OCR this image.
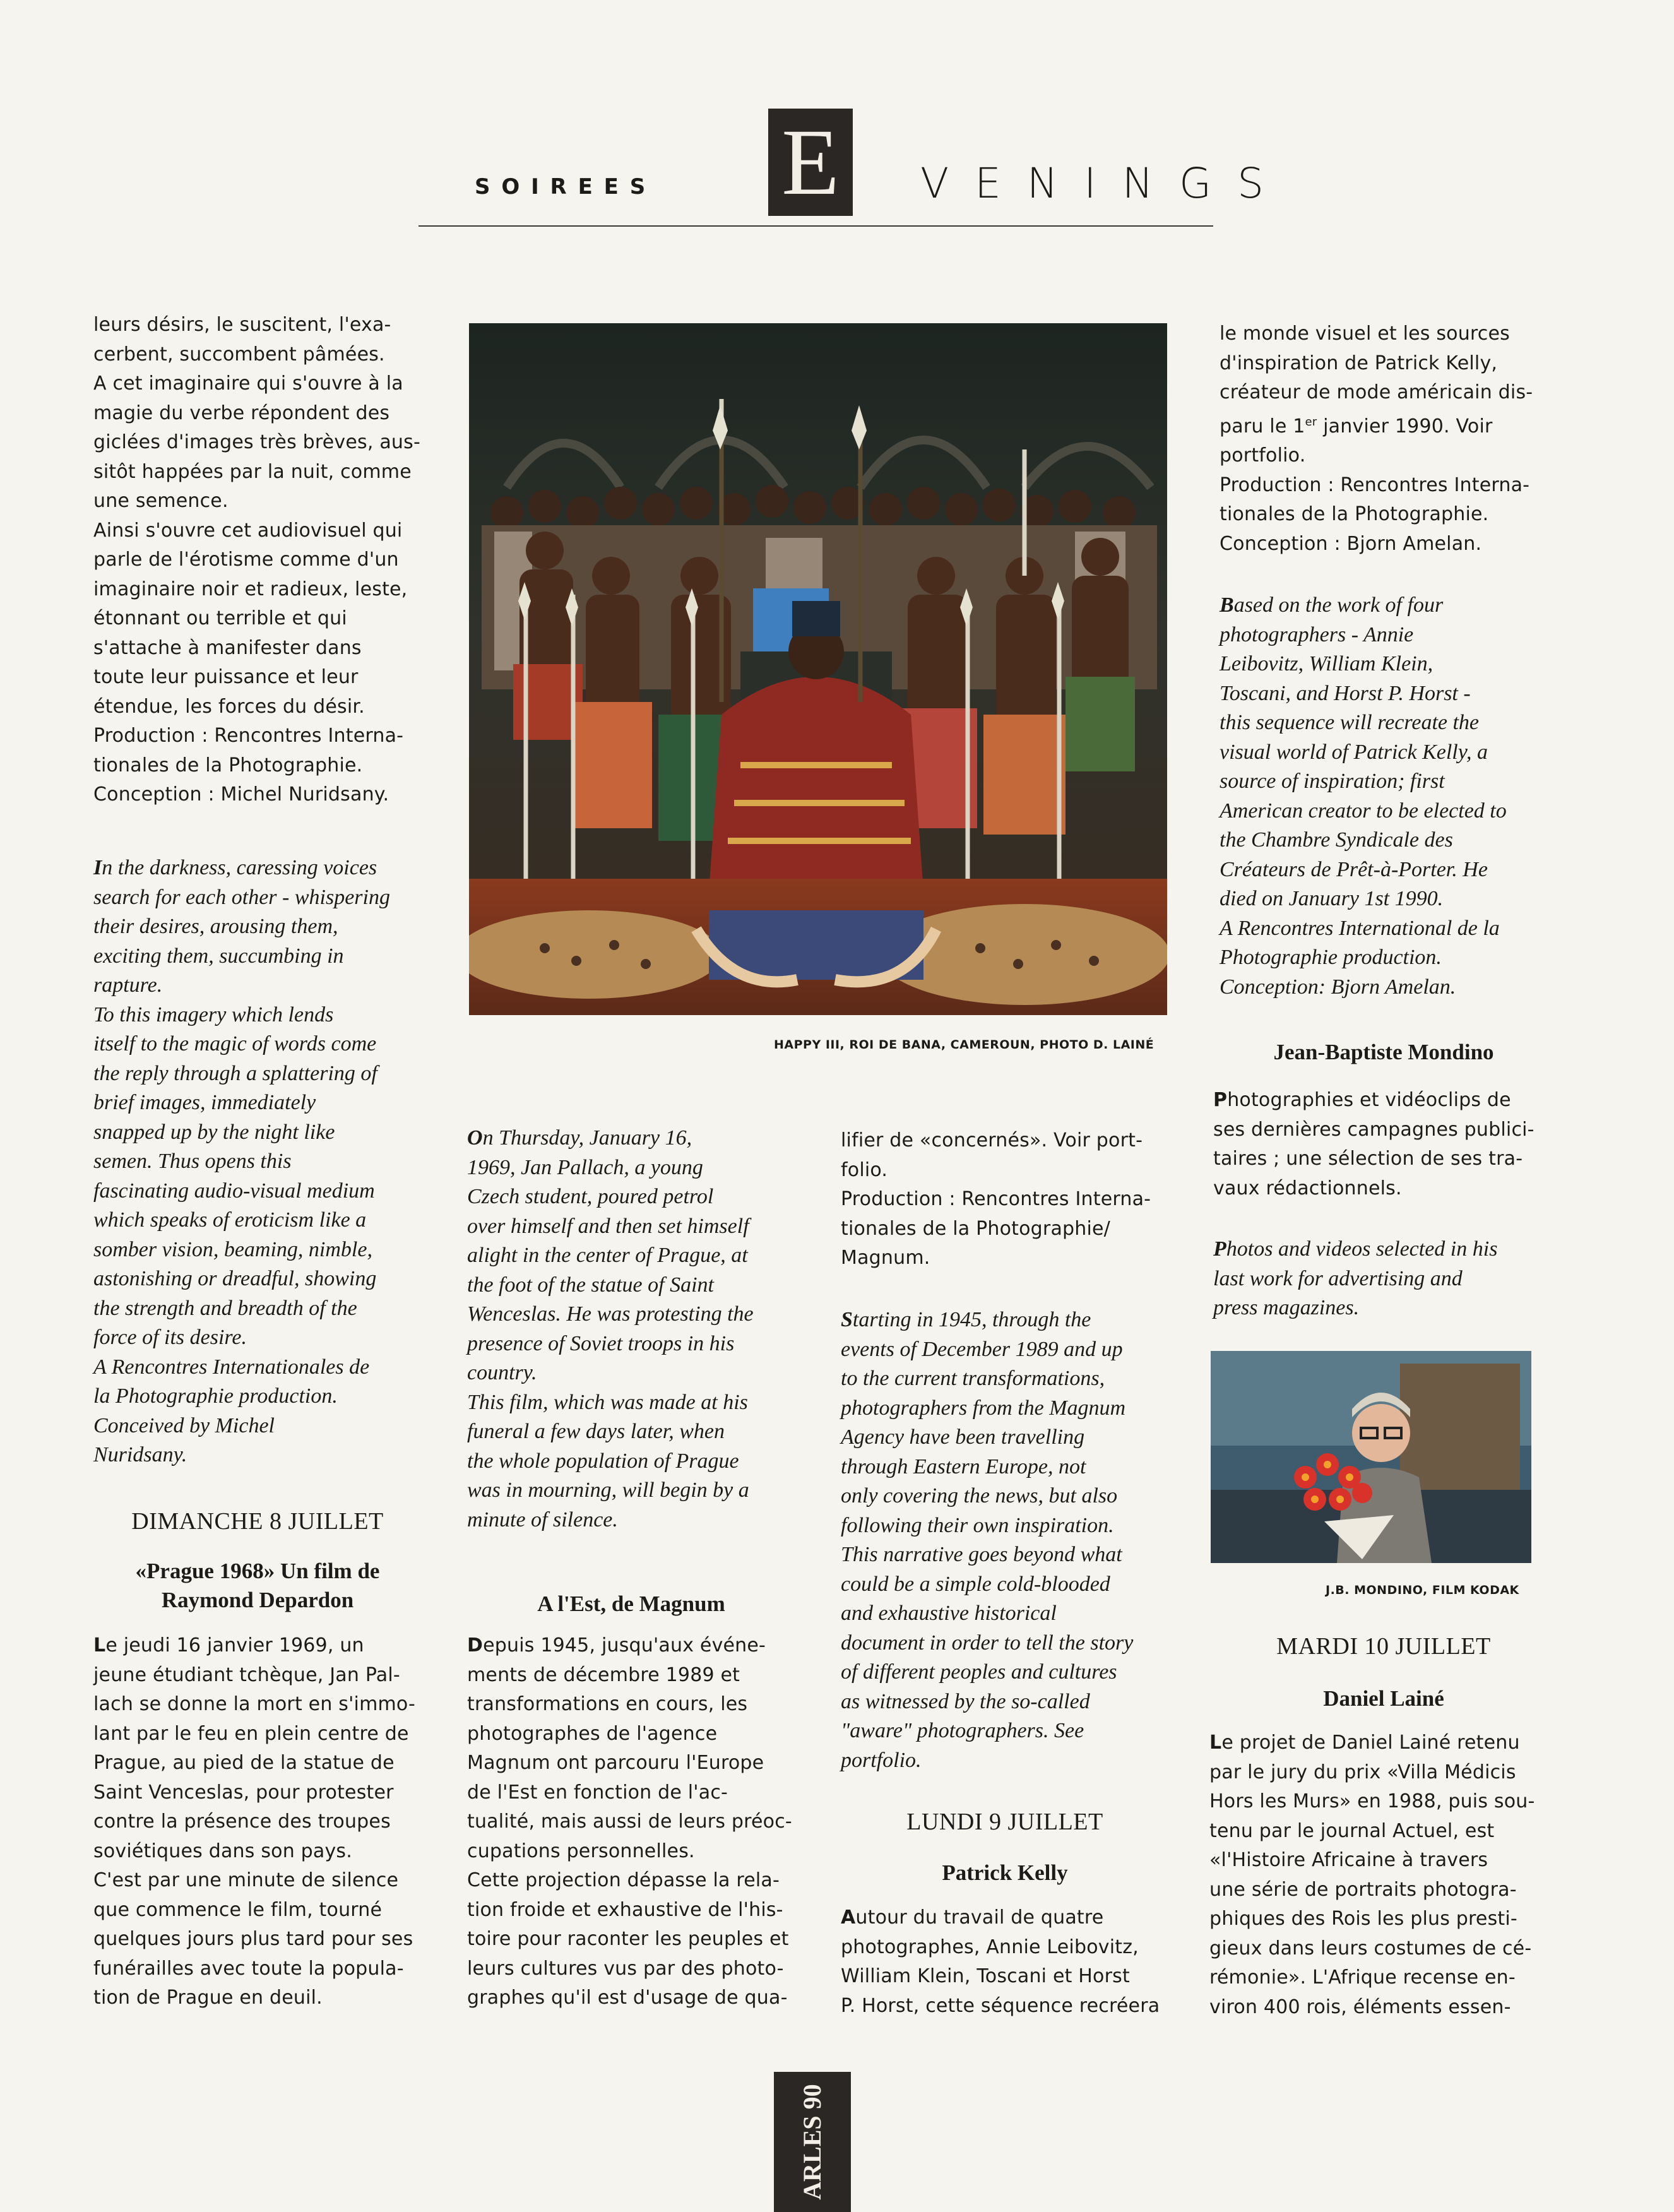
S O I R E E S E	V E N I N G S

leurs désirs, le suscitent, l'exa-
cerbent, succombent pâmées.
A cet imaginaire qui s'ouvre à la
magie du verbe répondent des
giclées d'images très brèves, aus-
sitôt happées par la nuit, comme
une semence.
Ainsi s'ouvre cet audiovisuel qui
parle de l'érotisme comme d'un
imaginaire noir et radieux, leste,
étonnant ou terrible et qui
s'attache à manifester dans
toute leur puissance et leur
étendue, les forces du désir.
Production : Rencontres Interna-
tionales de la Photographie.
Conception : Michel Nuridsany.

In the darkness, caressing voices
search for each other - whispering
their desires, arousing them,
exciting them, succumbing in
rapture.
To this imagery which lends
itself to the magic of words come
the reply through a splattering of
brief images, immediately
snapped up by the night like
semen. Thus opens this
fascinating audio-visual medium
which speaks of eroticism like a
somber vision, beaming, nimble,
astonishing or dreadful, showing
the strength and breadth of the
force of its desire.
A Rencontres Internationales de
la Photographie production.
Conceived by Michel
Nuridsany.

DIMANCHE 8 JUILLET
«Prague 1968» Un film de
Raymond Depardon

Le jeudi 16 janvier 1969, un
jeune étudiant tchèque, Jan Pal-
lach se donne la mort en s'immo-
lant par le feu en plein centre de
Prague, au pied de la statue de
Saint Venceslas, pour protester
contre la présence des troupes
soviétiques dans son pays.
C'est par une minute de silence
que commence le film, tourné
quelques jours plus tard pour ses
funérailles avec toute la popula-
tion de Prague en deuil.

HAPPY III, ROI DE BANA, CAMEROUN, PHOTO D. LAINÉ

On Thursday, January 16,
1969, Jan Pallach, a young
Czech student, poured petrol
over himself and then set himself
alight in the center of Prague, at
the foot of the statue of Saint
Wenceslas. He was protesting the
presence of Soviet troops in his
country.
This film, which was made at his
funeral a few days later, when
the whole population of Prague
was in mourning, will begin by a
minute of silence.

A l'Est, de Magnum

Depuis 1945, jusqu'aux événe-
ments de décembre 1989 et
transformations en cours, les
photographes de l'agence
Magnum ont parcouru l'Europe
de l'Est en fonction de l'ac-
tualité, mais aussi de leurs préoc-
cupations personnelles.
Cette projection dépasse la rela-
tion froide et exhaustive de l'his-
toire pour raconter les peuples et
leurs cultures vus par des photo-
graphes qu'il est d'usage de qua-

lifier de «concernés». Voir port-
folio.
Production : Rencontres Interna-
tionales de la Photographie/
Magnum.

Starting in 1945, through the
events of December 1989 and up
to the current transformations,
photographers from the Magnum
Agency have been travelling
through Eastern Europe, not
only covering the news, but also
following their own inspiration.
This narrative goes beyond what
could be a simple cold-blooded
and exhaustive historical
document in order to tell the story
of different peoples and cultures
as witnessed by the so-called
"aware" photographers. See
portfolio.

LUNDI 9 JUILLET
Patrick Kelly

Autour du travail de quatre
photographes, Annie Leibovitz,
William Klein, Toscani et Horst
P. Horst, cette séquence recréera

le monde visuel et les sources
d'inspiration de Patrick Kelly,
créateur de mode américain dis-
paru le 1er janvier 1990. Voir
portfolio.
Production : Rencontres Interna-
tionales de la Photographie.
Conception : Bjorn Amelan.

Based on the work of four
photographers - Annie
Leibovitz, William Klein,
Toscani, and Horst P. Horst -
this sequence will recreate the
visual world of Patrick Kelly, a
source of inspiration; first
American creator to be elected to
the Chambre Syndicale des
Créateurs de Prêt-à-Porter. He
died on January 1st 1990.
A Rencontres International de la
Photographie production.
Conception: Bjorn Amelan.

Jean-Baptiste Mondino

Photographies et vidéoclips de
ses dernières campagnes publici-
taires ; une sélection de ses tra-
vaux rédactionnels.

Photos and videos selected in his
last work for advertising and
press magazines.

J.B. MONDINO, FILM KODAK
MARDI 10 JUILLET
Daniel Lainé

Le projet de Daniel Lainé retenu
par le jury du prix «Villa Médicis
Hors les Murs» en 1988, puis sou-
tenu par le journal Actuel, est
«l'Histoire Africaine à travers
une série de portraits photogra-
phiques des Rois les plus presti-
gieux dans leurs costumes de cé-
rémonie». L'Afrique recense en-
viron 400 rois, éléments essen-

ARLES 90
